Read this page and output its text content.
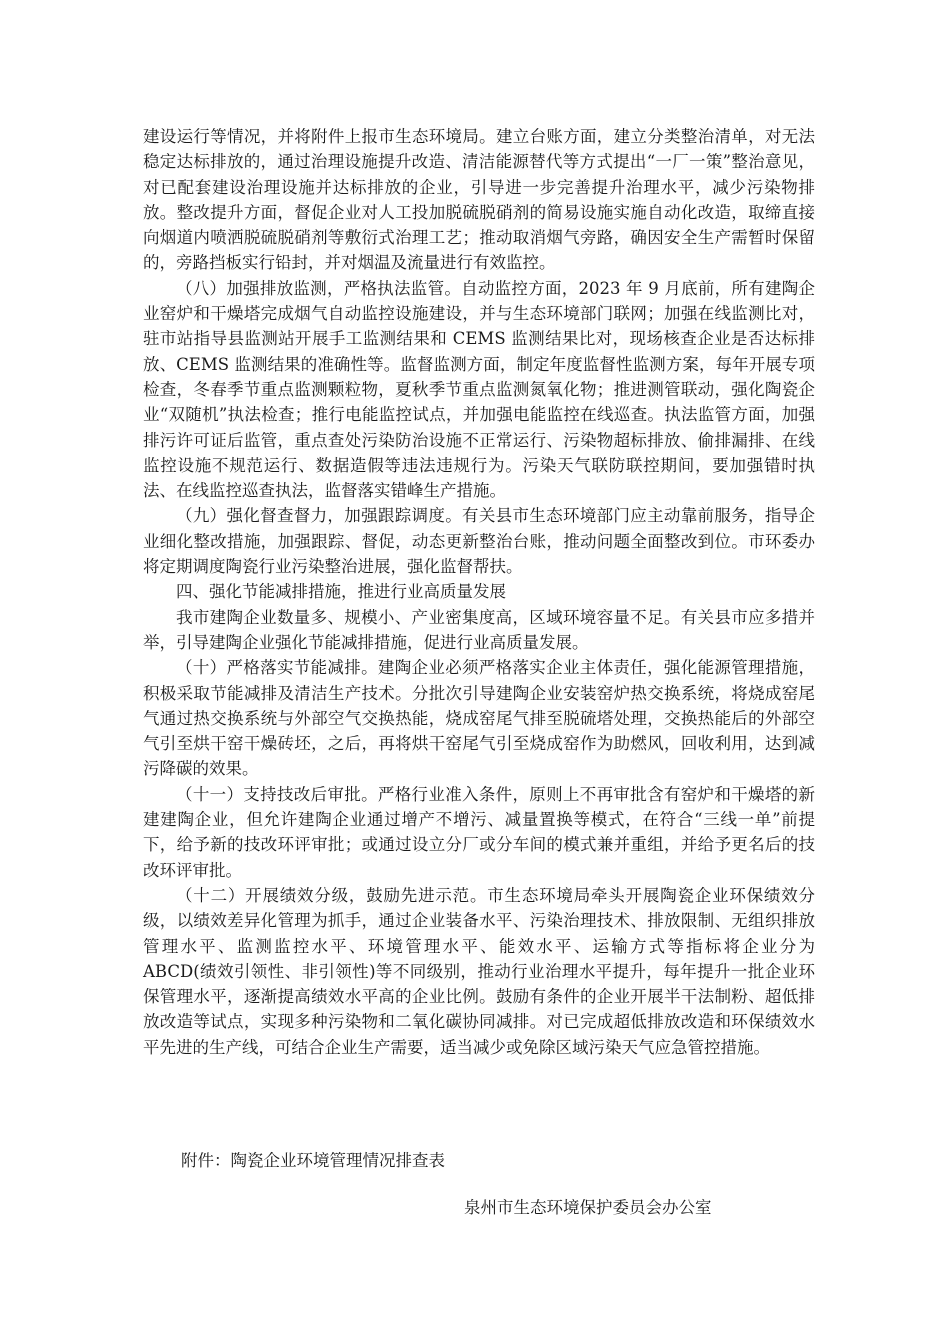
建设运行等情况，并将附件上报市生态环境局。建立台账方面，建立分类整治清单，对无法稳定达标排放的，通过治理设施提升改造、清洁能源替代等方式提出“一厂一策”整治意见，对已配套建设治理设施并达标排放的企业，引导进一步完善提升治理水平，减少污染物排放。整改提升方面，督促企业对人工投加脱硫脱硝剂的简易设施实施自动化改造，取缔直接向烟道内喷洒脱硫脱硝剂等敷衍式治理工艺；推动取消烟气旁路，确因安全生产需暂时保留的，旁路挡板实行铅封，并对烟温及流量进行有效监控。

（八）加强排放监测，严格执法监管。自动监控方面，2023 年 9 月底前，所有建陶企业窑炉和干燥塔完成烟气自动监控设施建设，并与生态环境部门联网；加强在线监测比对，驻市站指导县监测站开展手工监测结果和 CEMS 监测结果比对，现场核查企业是否达标排放、CEMS 监测结果的准确性等。监督监测方面，制定年度监督性监测方案，每年开展专项检查，冬春季节重点监测颗粒物，夏秋季节重点监测氮氧化物；推进测管联动，强化陶瓷企业“双随机”执法检查；推行电能监控试点，并加强电能监控在线巡查。执法监管方面，加强排污许可证后监管，重点查处污染防治设施不正常运行、污染物超标排放、偷排漏排、在线监控设施不规范运行、数据造假等违法违规行为。污染天气联防联控期间，要加强错时执法、在线监控巡查执法，监督落实错峰生产措施。

（九）强化督查督力，加强跟踪调度。有关县市生态环境部门应主动靠前服务，指导企业细化整改措施，加强跟踪、督促，动态更新整治台账，推动问题全面整改到位。市环委办将定期调度陶瓷行业污染整治进展，强化监督帮扶。

四、强化节能减排措施，推进行业高质量发展

我市建陶企业数量多、规模小、产业密集度高，区域环境容量不足。有关县市应多措并举，引导建陶企业强化节能减排措施，促进行业高质量发展。

（十）严格落实节能减排。建陶企业必须严格落实企业主体责任，强化能源管理措施，积极采取节能减排及清洁生产技术。分批次引导建陶企业安装窑炉热交换系统，将烧成窑尾气通过热交换系统与外部空气交换热能，烧成窑尾气排至脱硫塔处理，交换热能后的外部空气引至烘干窑干燥砖坯，之后，再将烘干窑尾气引至烧成窑作为助燃风，回收利用，达到减污降碳的效果。

（十一）支持技改后审批。严格行业准入条件，原则上不再审批含有窑炉和干燥塔的新建建陶企业，但允许建陶企业通过增产不增污、减量置换等模式，在符合“三线一单”前提下，给予新的技改环评审批；或通过设立分厂或分车间的模式兼并重组，并给予更名后的技改环评审批。

（十二）开展绩效分级，鼓励先进示范。市生态环境局牵头开展陶瓷企业环保绩效分级，以绩效差异化管理为抓手，通过企业装备水平、污染治理技术、排放限制、无组织排放管理水平、监测监控水平、环境管理水平、能效水平、运输方式等指标将企业分为 ABCD(绩效引领性、非引领性)等不同级别，推动行业治理水平提升，每年提升一批企业环保管理水平，逐渐提高绩效水平高的企业比例。鼓励有条件的企业开展半干法制粉、超低排放改造等试点，实现多种污染物和二氧化碳协同减排。对已完成超低排放改造和环保绩效水平先进的生产线，可结合企业生产需要，适当减少或免除区域污染天气应急管控措施。

附件：陶瓷企业环境管理情况排查表
泉州市生态环境保护委员会办公室
